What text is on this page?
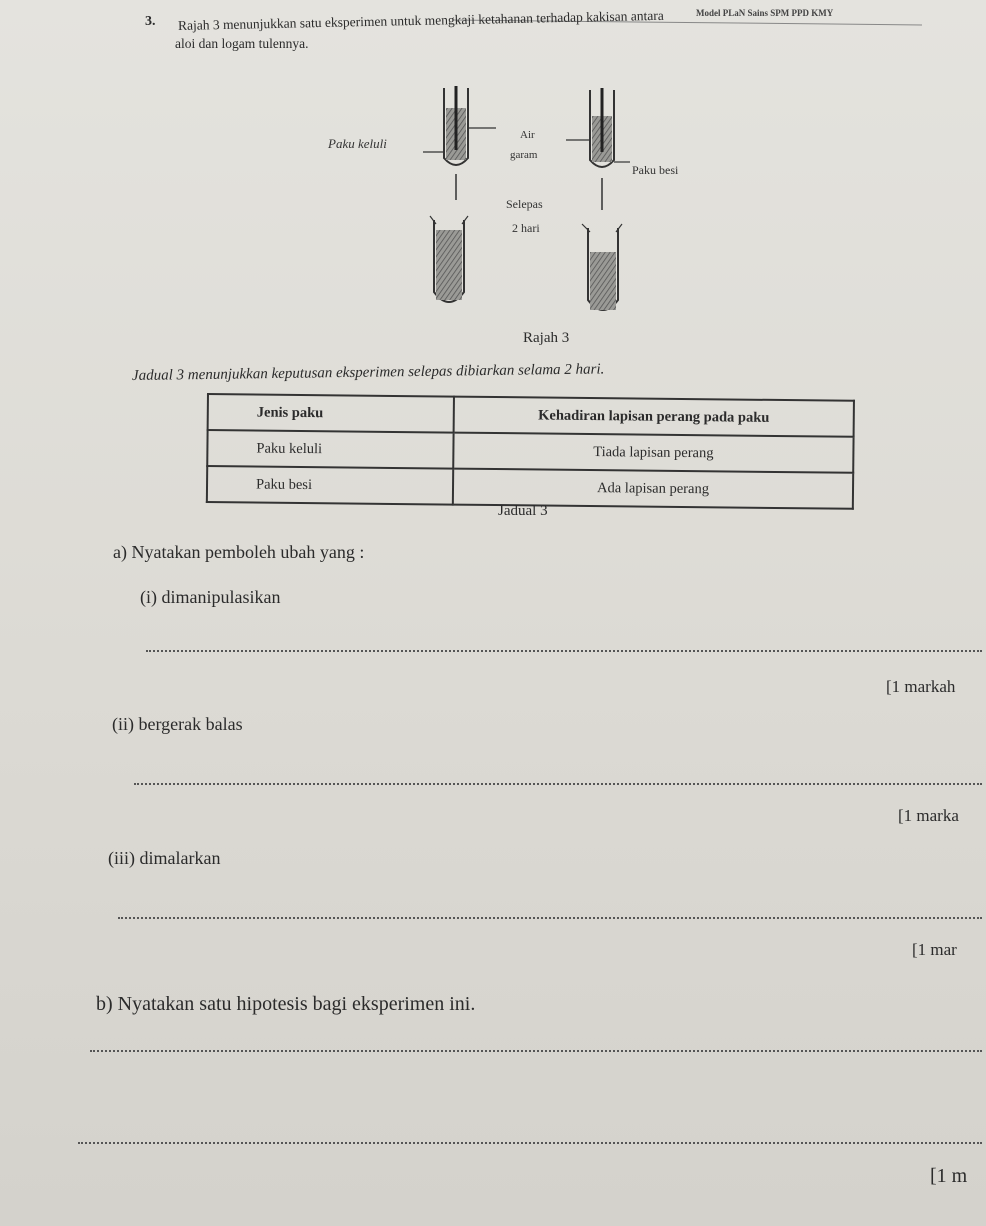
Model PLaN Sains SPM PPD KMY
3. Rajah 3 menunjukkan satu eksperimen untuk mengkaji ketahanan terhadap kakisan antara
aloi dan logam tulennya.
Paku keluli
Air
garam
Paku besi
Selepas
2 hari
Rajah 3
Jadual 3 menunjukkan keputusan eksperimen selepas dibiarkan selama 2 hari.
Jenis paku	Kehadiran lapisan perang pada paku
Paku keluli	Tiada lapisan perang
Paku besi	Ada lapisan perang
Jadual 3
a) Nyatakan pemboleh ubah yang :
(i) dimanipulasikan
[1 markah
(ii) bergerak balas
[1 marka
(iii) dimalarkan
[1 mar
b) Nyatakan satu hipotesis bagi eksperimen ini.
[1 m
